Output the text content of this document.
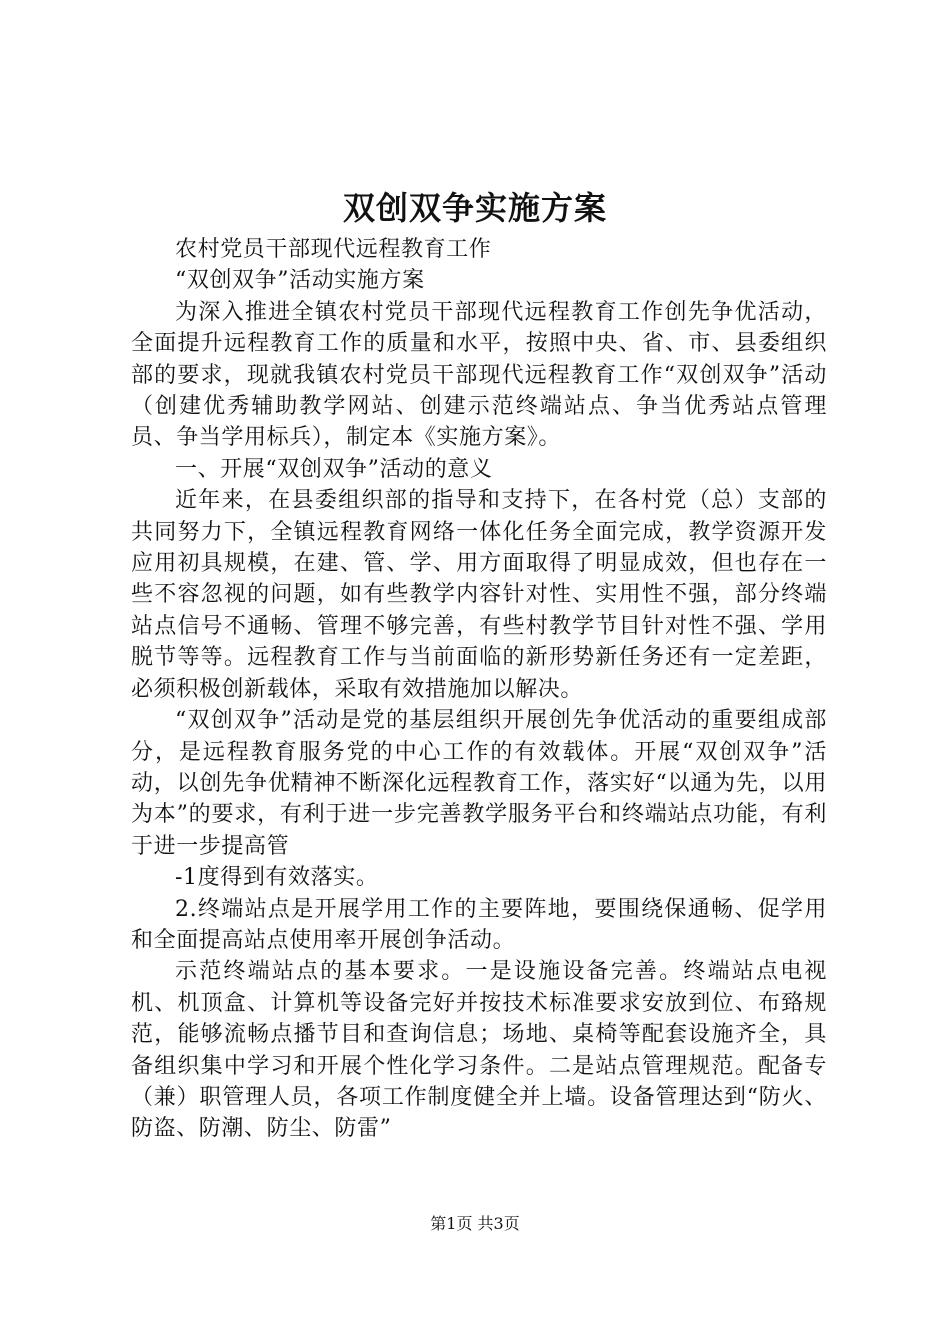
双创双争实施方案

农村党员干部现代远程教育工作

“双创双争”活动实施方案

为深入推进全镇农村党员干部现代远程教育工作创先争优活动，全面提升远程教育工作的质量和水平，按照中央、省、市、县委组织部的要求，现就我镇农村党员干部现代远程教育工作“双创双争”活动（创建优秀辅助教学网站、创建示范终端站点、争当优秀站点管理员、争当学用标兵），制定本《实施方案》。

一、开展“双创双争”活动的意义

近年来，在县委组织部的指导和支持下，在各村党（总）支部的共同努力下，全镇远程教育网络一体化任务全面完成，教学资源开发应用初具规模，在建、管、学、用方面取得了明显成效，但也存在一些不容忽视的问题，如有些教学内容针对性、实用性不强，部分终端站点信号不通畅、管理不够完善，有些村教学节目针对性不强、学用脱节等等。远程教育工作与当前面临的新形势新任务还有一定差距，必须积极创新载体，采取有效措施加以解决。

“双创双争”活动是党的基层组织开展创先争优活动的重要组成部分，是远程教育服务党的中心工作的有效载体。开展“双创双争”活动，以创先争优精神不断深化远程教育工作，落实好“以通为先，以用为本”的要求，有利于进一步完善教学服务平台和终端站点功能，有利于进一步提高管

-1度得到有效落实。

2.终端站点是开展学用工作的主要阵地，要围绕保通畅、促学用和全面提高站点使用率开展创争活动。

示范终端站点的基本要求。一是设施设备完善。终端站点电视机、机顶盒、计算机等设备完好并按技术标准要求安放到位、布臵规范，能够流畅点播节目和查询信息；场地、桌椅等配套设施齐全，具备组织集中学习和开展个性化学习条件。二是站点管理规范。配备专（兼）职管理人员，各项工作制度健全并上墙。设备管理达到“防火、防盗、防潮、防尘、防雷”

第1页 共3页
